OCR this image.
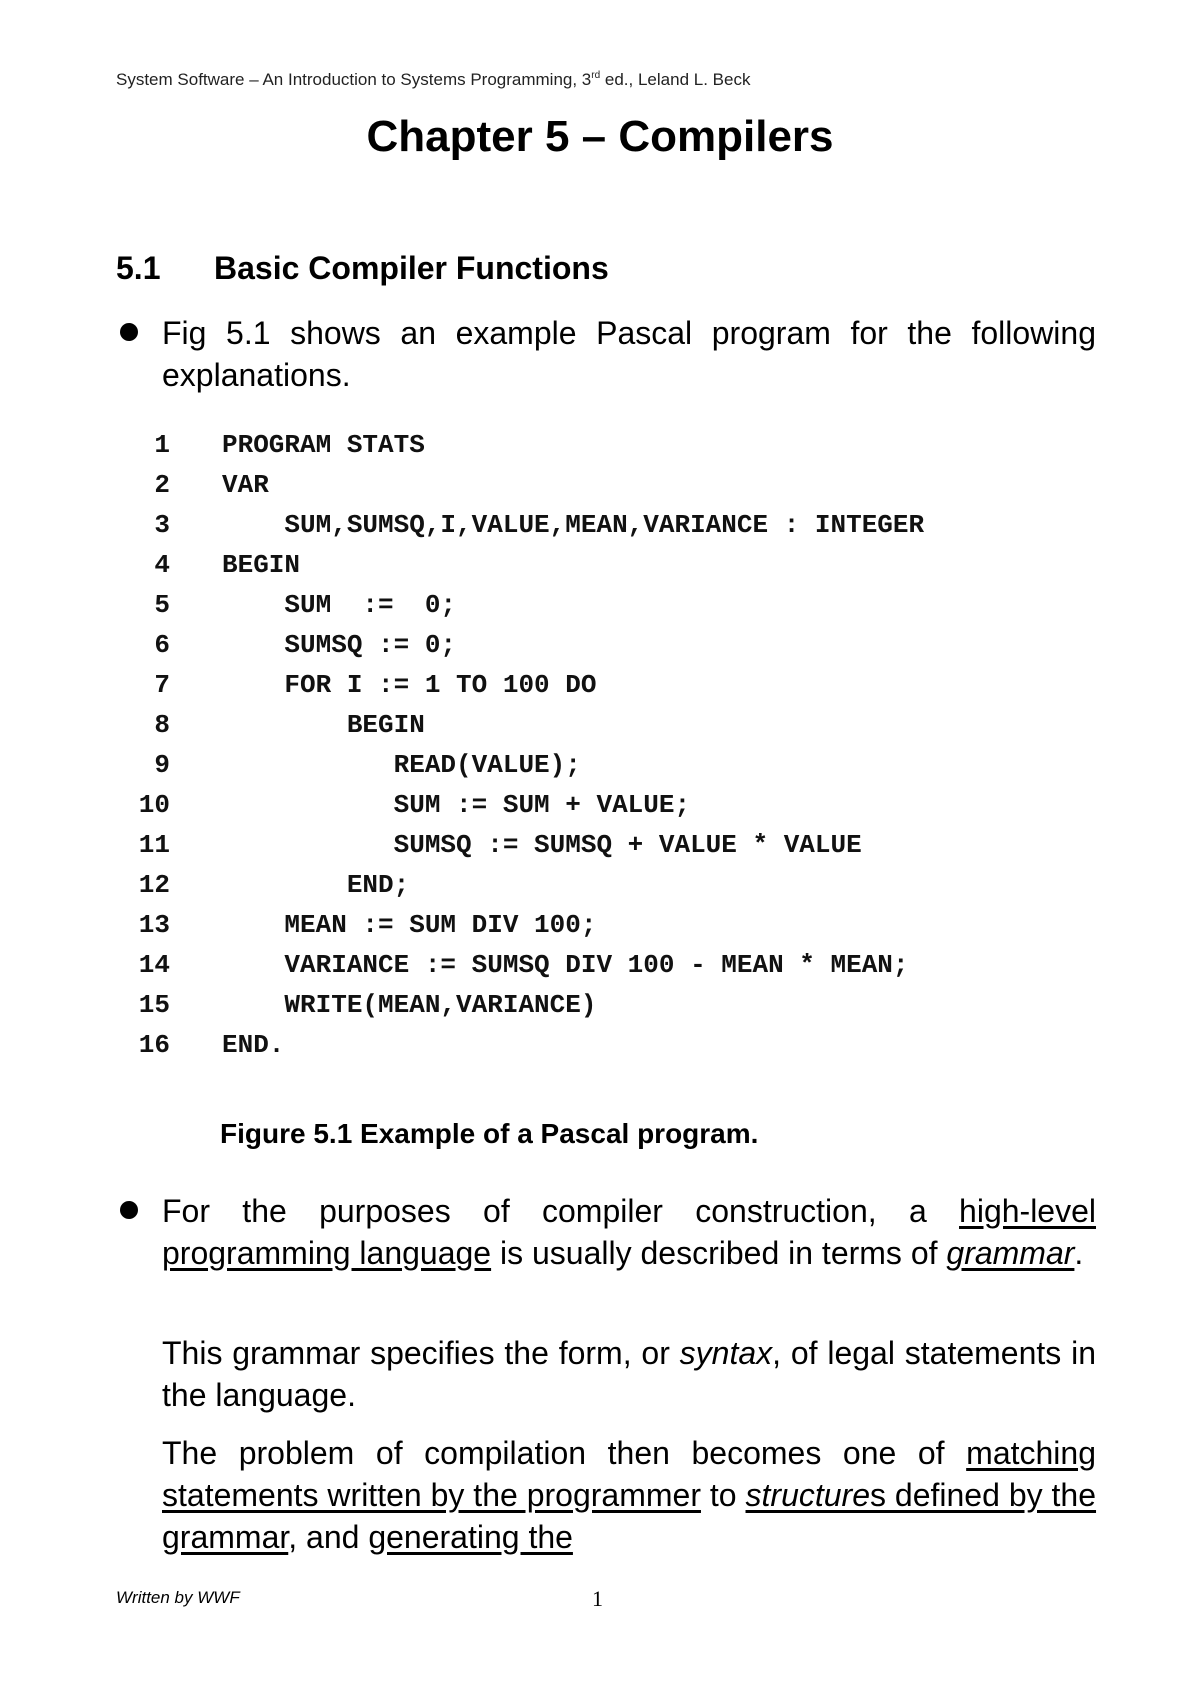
System Software – An Introduction to Systems Programming, 3rd ed., Leland L. Beck
Chapter 5 – Compilers
5.1 Basic Compiler Functions
Fig 5.1 shows an example Pascal program for the following explanations.
1 PROGRAM STATS
2 VAR
3 SUM,SUMSQ,I,VALUE,MEAN,VARIANCE : INTEGER
4 BEGIN
5 SUM  :=  0;
6 SUMSQ := 0;
7 FOR I := 1 TO 100 DO
8 BEGIN
9 READ(VALUE);
10 SUM := SUM + VALUE;
11 SUMSQ := SUMSQ + VALUE * VALUE
12 END;
13 MEAN := SUM DIV 100;
14 VARIANCE := SUMSQ DIV 100 - MEAN * MEAN;
15 WRITE(MEAN,VARIANCE)
16 END.
Figure 5.1 Example of a Pascal program.
For the purposes of compiler construction, a high-level programming language is usually described in terms of grammar.
This grammar specifies the form, or syntax, of legal statements in the language.
The problem of compilation then becomes one of matching statements written by the programmer to structures defined by the grammar, and generating the
Written by WWF	1
